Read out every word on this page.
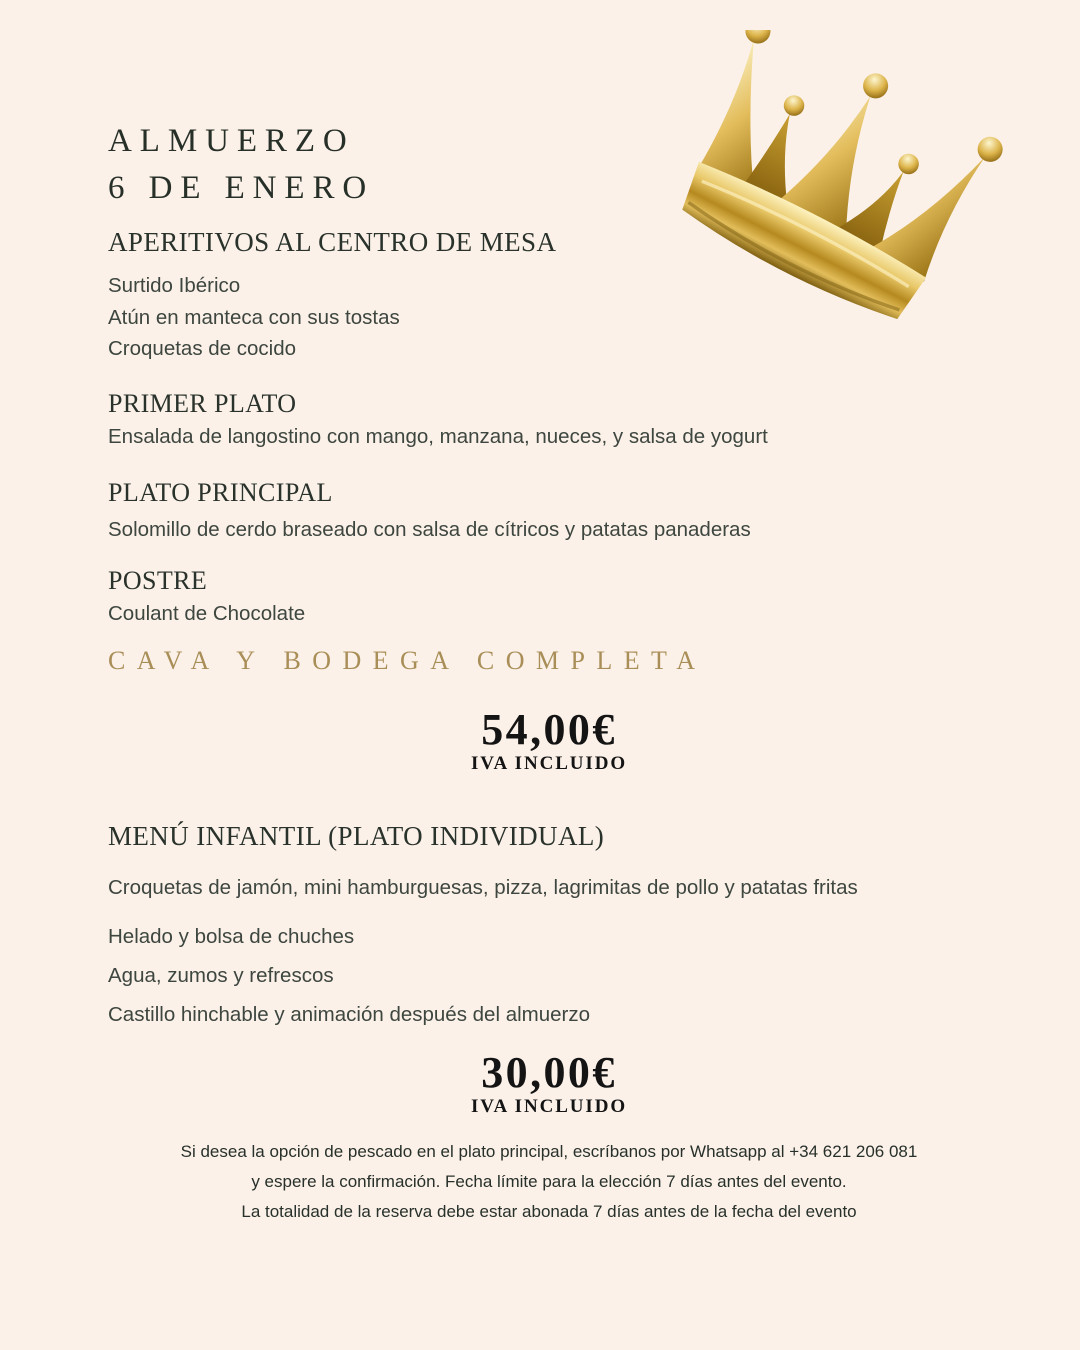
ALMUERZO
6 DE ENERO
APERITIVOS AL CENTRO DE MESA

Surtido Ibérico

Atún en manteca con sus tostas

Croquetas de cocido

PRIMER PLATO

Ensalada de langostino con mango, manzana, nueces, y salsa de yogurt

PLATO PRINCIPAL

Solomillo de cerdo braseado con salsa de cítricos y patatas panaderas

POSTRE

Coulant de Chocolate

CAVA Y BODEGA COMPLETA
54,00€
IVA INCLUIDO
MENÚ INFANTIL (PLATO INDIVIDUAL)

Croquetas de jamón, mini hamburguesas, pizza, lagrimitas de pollo y patatas fritas

Helado y bolsa de chuches

Agua, zumos y refrescos

Castillo hinchable y animación después del almuerzo

30,00€
IVA INCLUIDO
Si desea la opción de pescado en el plato principal, escríbanos por Whatsapp al +34 621 206 081
y espere la confirmación. Fecha límite para la elección 7 días antes del evento.
La totalidad de la reserva debe estar abonada 7 días antes de la fecha del evento
